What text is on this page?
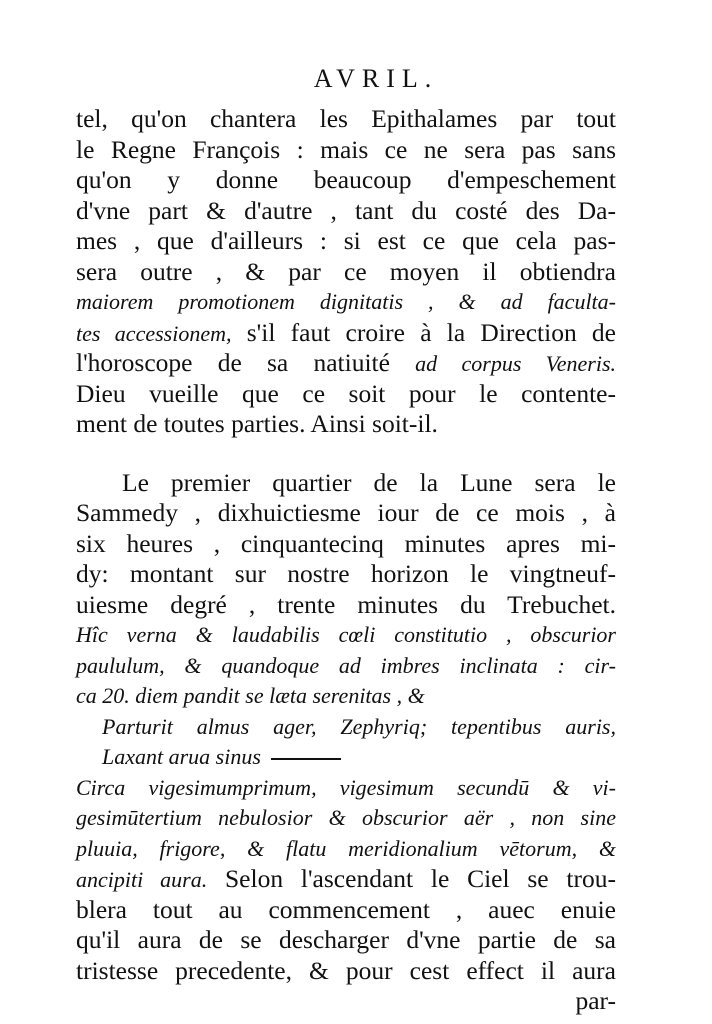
AVRIL.
tel, qu'on chantera les Epithalames par tout
le Regne François : mais ce ne sera pas sans
qu'on y donne beaucoup d'empeschement
d'vne part & d'autre , tant du costé des Da-
mes , que d'ailleurs : si est ce que cela pas-
sera outre , & par ce moyen il obtiendra
maiorem promotionem dignitatis , & ad faculta-
tes accessionem, s'il faut croire à la Direction de
l'horoscope de sa natiuité ad corpus Veneris.
Dieu vueille que ce soit pour le contente-
ment de toutes parties. Ainsi soit-il.
Le premier quartier de la Lune sera le
Sammedy , dixhuictiesme iour de ce mois , à
six heures , cinquantecinq minutes apres mi-
dy: montant sur nostre horizon le vingtneuf-
uiesme degré , trente minutes du Trebuchet.
Hîc verna & laudabilis cœli constitutio , obscurior
paululum, & quandoque ad imbres inclinata : cir-
ca 20. diem pandit se læta serenitas , &
Parturit almus ager, Zephyriq; tepentibus auris,
Laxant arua sinus
Circa vigesimumprimum, vigesimum secundū & vi-
gesimūtertium nebulosior & obscurior aër , non sine
pluuia, frigore, & flatu meridionalium vētorum, &
ancipiti aura. Selon l'ascendant le Ciel se trou-
blera tout au commencement , auec enuie
qu'il aura de se descharger d'vne partie de sa
tristesse precedente, & pour cest effect il aura
par-
